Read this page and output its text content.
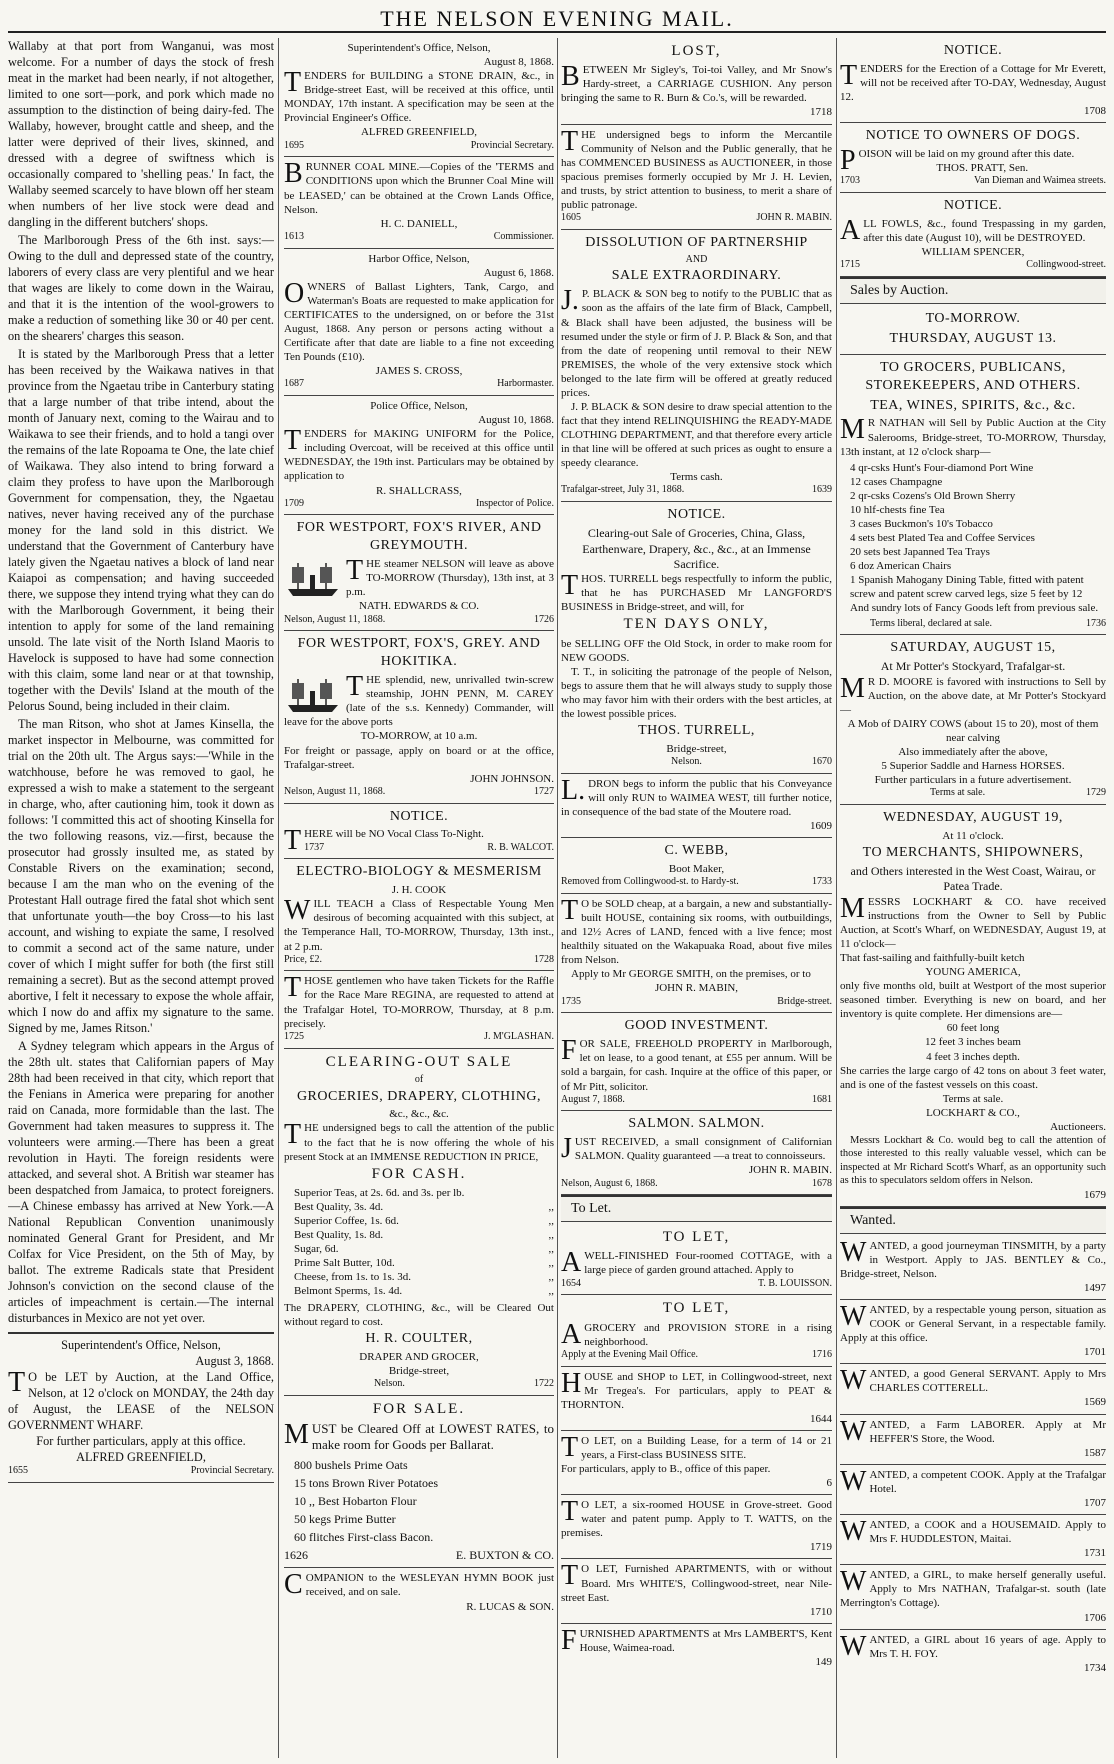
THE NELSON EVENING MAIL.

Wallaby at that port from Wanganui, was most welcome. For a number of days the stock of fresh meat in the market had been nearly, if not altogether, limited to one sort—pork, and pork which made no assumption to the distinction of being dairy-fed. The Wallaby, however, brought cattle and sheep, and the latter were deprived of their lives, skinned, and dressed with a degree of swiftness which is occasionally compared to 'shelling peas.' In fact, the Wallaby seemed scarcely to have blown off her steam when numbers of her live stock were dead and dangling in the different butchers' shops.

The Marlborough Press of the 6th inst. says:—Owing to the dull and depressed state of the country, laborers of every class are very plentiful and we hear that wages are likely to come down in the Wairau, and that it is the intention of the wool-growers to make a reduction of something like 30 or 40 per cent. on the shearers' charges this season.

It is stated by the Marlborough Press that a letter has been received by the Waikawa natives in that province from the Ngaetau tribe in Canterbury stating that a large number of that tribe intend, about the month of January next, coming to the Wairau and to Waikawa to see their friends, and to hold a tangi over the remains of the late Ropoama te One, the late chief of Waikawa. They also intend to bring forward a claim they profess to have upon the Marlborough Government for compensation, they, the Ngaetau natives, never having received any of the purchase money for the land sold in this district. We understand that the Government of Canterbury have lately given the Ngaetau natives a block of land near Kaiapoi as compensation; and having succeeded there, we suppose they intend trying what they can do with the Marlborough Government, it being their intention to apply for some of the land remaining unsold. The late visit of the North Island Maoris to Havelock is supposed to have had some connection with this claim, some land near or at that township, together with the Devils' Island at the mouth of the Pelorus Sound, being included in their claim.

The man Ritson, who shot at James Kinsella, the market inspector in Melbourne, was committed for trial on the 20th ult. The Argus says:—'While in the watchhouse, before he was removed to gaol, he expressed a wish to make a statement to the sergeant in charge, who, after cautioning him, took it down as follows: 'I committed this act of shooting Kinsella for the two following reasons, viz.—first, because the prosecutor had grossly insulted me, as stated by Constable Rivers on the examination; second, because I am the man who on the evening of the Protestant Hall outrage fired the fatal shot which sent that unfortunate youth—the boy Cross—to his last account, and wishing to expiate the same, I resolved to commit a second act of the same nature, under cover of which I might suffer for both (the first still remaining a secret). But as the second attempt proved abortive, I felt it necessary to expose the whole affair, which I now do and affix my signature to the same. Signed by me, James Ritson.'

A Sydney telegram which appears in the Argus of the 28th ult. states that Californian papers of May 28th had been received in that city, which report that the Fenians in America were preparing for another raid on Canada, more formidable than the last. The Government had taken measures to suppress it. The volunteers were arming.—There has been a great revolution in Hayti. The foreign residents were attacked, and several shot. A British war steamer has been despatched from Jamaica, to protect foreigners.—A Chinese embassy has arrived at New York.—A National Republican Convention unanimously nominated General Grant for President, and Mr Colfax for Vice President, on the 5th of May, by ballot. The extreme Radicals state that President Johnson's conviction on the second clause of the articles of impeachment is certain.—The internal disturbances in Mexico are not yet over.

Superintendent's Office, Nelson,

August 3, 1868.

TO be LET by Auction, at the Land Office, Nelson, at 12 o'clock on MONDAY, the 24th day of August, the LEASE of the NELSON GOVERNMENT WHARF.

For further particulars, apply at this office.

ALFRED GREENFIELD,

1655	Provincial Secretary.

Superintendent's Office, Nelson,

August 8, 1868.

TENDERS for BUILDING a STONE DRAIN, &c., in Bridge-street East, will be received at this office, until MONDAY, 17th instant. A specification may be seen at the Provincial Engineer's Office.

ALFRED GREENFIELD,

1695	Provincial Secretary.

BRUNNER COAL MINE.—Copies of the 'TERMS and CONDITIONS upon which the Brunner Coal Mine will be LEASED,' can be obtained at the Crown Lands Office, Nelson.

H. C. DANIELL,

1613	Commissioner.

Harbor Office, Nelson,

August 6, 1868.

OWNERS of Ballast Lighters, Tank, Cargo, and Waterman's Boats are requested to make application for CERTIFICATES to the undersigned, on or before the 31st August, 1868. Any person or persons acting without a Certificate after that date are liable to a fine not exceeding Ten Pounds (£10).

JAMES S. CROSS,

1687	Harbormaster.

Police Office, Nelson,

August 10, 1868.

TENDERS for MAKING UNIFORM for the Police, including Overcoat, will be received at this office until WEDNESDAY, the 19th inst. Particulars may be obtained by application to

R. SHALLCRASS,

1709	Inspector of Police.

FOR WESTPORT, FOX'S RIVER, AND GREYMOUTH.

THE steamer NELSON will leave as above TO-MORROW (Thursday), 13th inst, at 3 p.m.

NATH. EDWARDS & CO.

Nelson, August 11, 1868.	1726

FOR WESTPORT, FOX'S, GREY. AND HOKITIKA.

THE splendid, new, unrivalled twin-screw steamship, JOHN PENN, M. CAREY (late of the s.s. Kennedy) Commander, will leave for the above ports

TO-MORROW, at 10 a.m.

For freight or passage, apply on board or at the office, Trafalgar-street.

JOHN JOHNSON.

Nelson, August 11, 1868.	1727

NOTICE.

THERE will be NO Vocal Class To-Night.

1737	R. B. WALCOT.

ELECTRO-BIOLOGY & MESMERISM

J. H. COOK

WILL TEACH a Class of Respectable Young Men desirous of becoming acquainted with this subject, at the Temperance Hall, TO-MORROW, Thursday, 13th inst., at 2 p.m.

Price, £2.	1728

THOSE gentlemen who have taken Tickets for the Raffle for the Race Mare REGINA, are requested to attend at the Trafalgar Hotel, TO-MORROW, Thursday, at 8 p.m. precisely.

1725	J. M'GLASHAN.

CLEARING-OUT SALE

of

GROCERIES, DRAPERY, CLOTHING,

&c., &c., &c.

THE undersigned begs to call the attention of the public to the fact that he is now offering the whole of his present Stock at an IMMENSE REDUCTION IN PRICE,

FOR CASH.

Superior Teas, at 2s. 6d. and 3s. per lb.
Best Quality, 3s. 4d.	,,
Superior Coffee, 1s. 6d.	,,
Best Quality, 1s. 8d.	,,
Sugar, 6d.	,,
Prime Salt Butter, 10d.	,,
Cheese, from 1s. to 1s. 3d.	,,
Belmont Sperms, 1s. 4d.	,,

The DRAPERY, CLOTHING, &c., will be Cleared Out without regard to cost.

H. R. COULTER,

DRAPER AND GROCER,

Bridge-street,

Nelson.	1722

FOR SALE.

MUST be Cleared Off at LOWEST RATES, to make room for Goods per Ballarat.

800 bushels Prime Oats
15 tons Brown River Potatoes
10 ,, Best Hobarton Flour
50 kegs Prime Butter
60 flitches First-class Bacon.
1626	E. BUXTON & CO.

COMPANION to the WESLEYAN HYMN BOOK just received, and on sale.

R. LUCAS & SON.

LOST,

BETWEEN Mr Sigley's, Toi-toi Valley, and Mr Snow's Hardy-street, a CARRIAGE CUSHION. Any person bringing the same to R. Burn & Co.'s, will be rewarded.

1718

THE undersigned begs to inform the Mercantile Community of Nelson and the Public generally, that he has COMMENCED BUSINESS as AUCTIONEER, in those spacious premises formerly occupied by Mr J. H. Levien, and trusts, by strict attention to business, to merit a share of public patronage.

1605	JOHN R. MABIN.

DISSOLUTION OF PARTNERSHIP

AND

SALE EXTRAORDINARY.

J.P. BLACK & SON beg to notify to the PUBLIC that as soon as the affairs of the late firm of Black, Campbell, & Black shall have been adjusted, the business will be resumed under the style or firm of J. P. Black & Son, and that from the date of reopening until removal to their NEW PREMISES, the whole of the very extensive stock which belonged to the late firm will be offered at greatly reduced prices.

J. P. BLACK & SON desire to draw special attention to the fact that they intend RELINQUISHING the READY-MADE CLOTHING DEPARTMENT, and that therefore every article in that line will be offered at such prices as ought to ensure a speedy clearance.

Terms cash.

Trafalgar-street, July 31, 1868.	1639

NOTICE.

Clearing-out Sale of Groceries, China, Glass, Earthenware, Drapery, &c., &c., at an Immense Sacrifice.

THOS. TURRELL begs respectfully to inform the public, that he has PURCHASED Mr LANGFORD'S BUSINESS in Bridge-street, and will, for

TEN DAYS ONLY,

be SELLING OFF the Old Stock, in order to make room for NEW GOODS.

T. T., in soliciting the patronage of the people of Nelson, begs to assure them that he will always study to supply those who may favor him with their orders with the best articles, at the lowest possible prices.

THOS. TURRELL,

Bridge-street,

Nelson.	1670

L.DRON begs to inform the public that his Conveyance will only RUN to WAIMEA WEST, till further notice, in consequence of the bad state of the Moutere road.

1609

C. WEBB,

Boot Maker,

Removed from Collingwood-st. to Hardy-st.	1733

TO be SOLD cheap, at a bargain, a new and substantially-built HOUSE, containing six rooms, with outbuildings, and 12½ Acres of LAND, fenced with a live fence; most healthily situated on the Wakapuaka Road, about five miles from Nelson.

Apply to Mr GEORGE SMITH, on the premises, or to

JOHN R. MABIN,

1735	Bridge-street.

GOOD INVESTMENT.

FOR SALE, FREEHOLD PROPERTY in Marlborough, let on lease, to a good tenant, at £55 per annum. Will be sold a bargain, for cash. Inquire at the office of this paper, or of Mr Pitt, solicitor.

August 7, 1868.	1681

SALMON. SALMON.

JUST RECEIVED, a small consignment of Californian SALMON. Quality guaranteed —a treat to connoisseurs.

JOHN R. MABIN.

Nelson, August 6, 1868.	1678

To Let.

TO LET,

AWELL-FINISHED Four-roomed COTTAGE, with a large piece of garden ground attached. Apply to

1654	T. B. LOUISSON.

TO LET,

AGROCERY and PROVISION STORE in a rising neighborhood.

Apply at the Evening Mail Office.	1716

HOUSE and SHOP to LET, in Collingwood-street, next Mr Tregea's. For particulars, apply to PEAT & THORNTON.

1644

TO LET, on a Building Lease, for a term of 14 or 21 years, a First-class BUSINESS SITE.

For particulars, apply to B., office of this paper.

6

TO LET, a six-roomed HOUSE in Grove-street. Good water and patent pump. Apply to T. WATTS, on the premises.

1719

TO LET, Furnished APARTMENTS, with or without Board. Mrs WHITE'S, Collingwood-street, near Nile-street East.

1710

FURNISHED APARTMENTS at Mrs LAMBERT'S, Kent House, Waimea-road.

149

NOTICE.

TENDERS for the Erection of a Cottage for Mr Everett, will not be received after TO-DAY, Wednesday, August 12.

1708

NOTICE TO OWNERS OF DOGS.

POISON will be laid on my ground after this date.

THOS. PRATT, Sen.

1703	Van Dieman and Waimea streets.

NOTICE.

ALL FOWLS, &c., found Trespassing in my garden, after this date (August 10), will be DESTROYED.

WILLIAM SPENCER,

1715	Collingwood-street.

Sales by Auction.

TO-MORROW.

THURSDAY, AUGUST 13.

TO GROCERS, PUBLICANS, STOREKEEPERS, AND OTHERS.

TEA, WINES, SPIRITS, &c., &c.

MR NATHAN will Sell by Public Auction at the City Salerooms, Bridge-street, TO-MORROW, Thursday, 13th instant, at 12 o'clock sharp—

4 qr-csks Hunt's Four-diamond Port Wine
12 cases Champagne
2 qr-csks Cozens's Old Brown Sherry
10 hlf-chests fine Tea
3 cases Buckmon's 10's Tobacco
4 sets best Plated Tea and Coffee Services
20 sets best Japanned Tea Trays
6 doz American Chairs
1 Spanish Mahogany Dining Table, fitted with patent screw and patent screw carved legs, size 5 feet by 12
And sundry lots of Fancy Goods left from previous sale.
Terms liberal, declared at sale.	1736

SATURDAY, AUGUST 15,

At Mr Potter's Stockyard, Trafalgar-st.

MR D. MOORE is favored with instructions to Sell by Auction, on the above date, at Mr Potter's Stockyard—

A Mob of DAIRY COWS (about 15 to 20), most of them near calving

Also immediately after the above,

5 Superior Saddle and Harness HORSES.

Further particulars in a future advertisement.

Terms at sale.	1729

WEDNESDAY, AUGUST 19,

At 11 o'clock.

TO MERCHANTS, SHIPOWNERS,

and Others interested in the West Coast, Wairau, or Patea Trade.

MESSRS LOCKHART & CO. have received instructions from the Owner to Sell by Public Auction, at Scott's Wharf, on WEDNESDAY, August 19, at 11 o'clock—

That fast-sailing and faithfully-built ketch

YOUNG AMERICA,

only five months old, built at Westport of the most superior seasoned timber. Everything is new on board, and her inventory is quite complete. Her dimensions are—

60 feet long

12 feet 3 inches beam

4 feet 3 inches depth.

She carries the large cargo of 42 tons on about 3 feet water, and is one of the fastest vessels on this coast.

Terms at sale.

LOCKHART & CO.,

Auctioneers.

Messrs Lockhart & Co. would beg to call the attention of those interested to this really valuable vessel, which can be inspected at Mr Richard Scott's Wharf, as an opportunity such as this to speculators seldom offers in Nelson.

1679

Wanted.

WANTED, a good journeyman TINSMITH, by a party in Westport. Apply to JAS. BENTLEY & Co., Bridge-street, Nelson.

1497

WANTED, by a respectable young person, situation as COOK or General Servant, in a respectable family. Apply at this office.

1701

WANTED, a good General SERVANT. Apply to Mrs CHARLES COTTERELL.

1569

WANTED, a Farm LABORER. Apply at Mr HEFFER'S Store, the Wood.

1587

WANTED, a competent COOK. Apply at the Trafalgar Hotel.

1707

WANTED, a COOK and a HOUSEMAID. Apply to Mrs F. HUDDLESTON, Maitai.

1731

WANTED, a GIRL, to make herself generally useful. Apply to Mrs NATHAN, Trafalgar-st. south (late Merrington's Cottage).

1706

WANTED, a GIRL about 16 years of age. Apply to Mrs T. H. FOY.

1734
